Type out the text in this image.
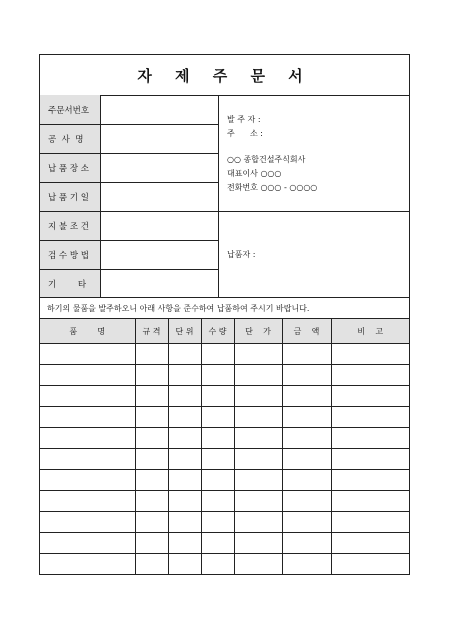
자 제 주 문 서
주문서번호
공  사  명
납 품 장 소
납 품 기 일
지 불 조 건
검 수 방 법
기        타
발 주 자 :
주      소 :
○○ 종합건설주식회사
대표이사 ○○○
전화번호 ○○○ - ○○○○
납품자 :
하기의 물품을 발주하오니 아래 사항을 준수하여 납품하여 주시기 바랍니다.
품        명	규 격	단 위	수 량	단    가	금    액	비    고
